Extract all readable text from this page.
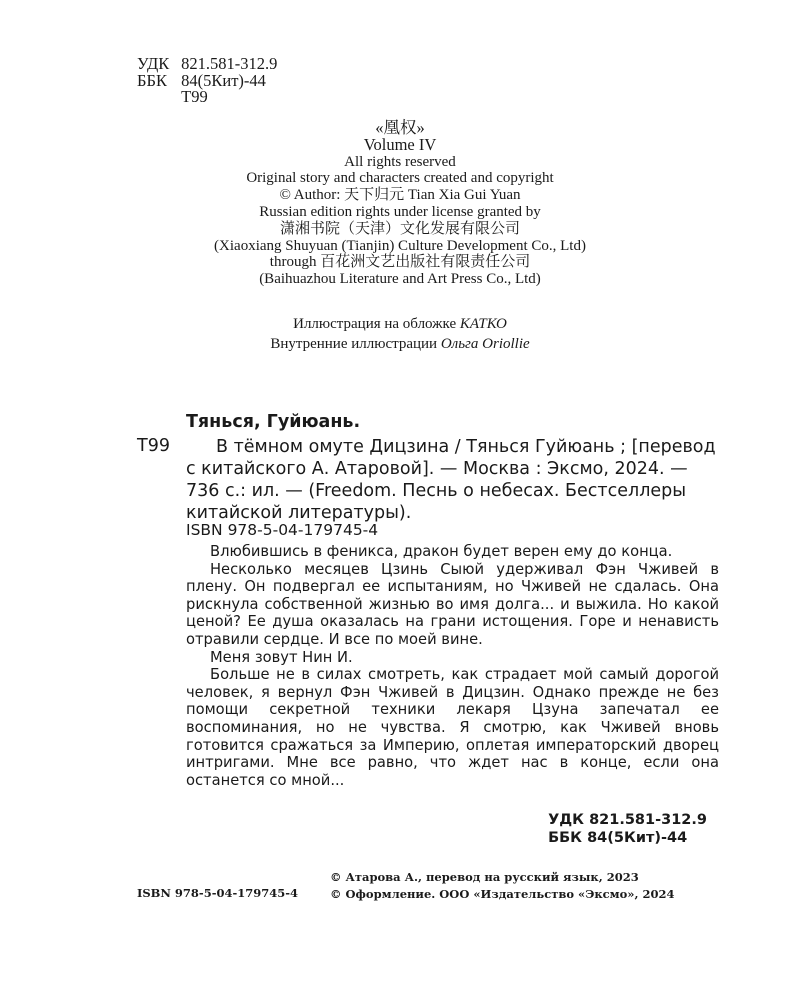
УДК 821.581-312.9
ББК 84(5Кит)-44
Т99
«凰权»
Volume IV
All rights reserved
Original story and characters created and copyright
© Author: 天下归元 Tian Xia Gui Yuan
Russian edition rights under license granted by
潇湘书院（天津）文化发展有限公司
(Xiaoxiang Shuyuan (Tianjin) Culture Development Co., Ltd)
through 百花洲文艺出版社有限责任公司
(Baihuazhou Literature and Art Press Co., Ltd)
Иллюстрация на обложке КАТКО
Внутренние иллюстрации Ольга Oriollie
Тянься, Гуйюань.
Т99	В тёмном омуте Дицзина / Тянься Гуйюань ; [перевод с китайского А. Атаровой]. — Москва : Эксмо, 2024. — 736 с.: ил. — (Freedom. Песнь о небесах. Бестселлеры китайской литературы).
ISBN 978-5-04-179745-4

Влюбившись в феникса, дракон будет верен ему до конца.

Несколько месяцев Цзинь Сыюй удерживал Фэн Чживей в плену. Он подвергал ее испытаниям, но Чживей не сдалась. Она рискнула собственной жизнью во имя долга... и выжила. Но какой ценой? Ее душа оказалась на грани истощения. Горе и ненависть отравили сердце. И все по моей вине.

Меня зовут Нин И.

Больше не в силах смотреть, как страдает мой самый дорогой человек, я вернул Фэн Чживей в Дицзин. Однако прежде не без помощи секретной техники лекаря Цзуна запечатал ее воспоминания, но не чувства. Я смотрю, как Чживей вновь готовится сражаться за Империю, оплетая императорский дворец интригами. Мне все равно, что ждет нас в конце, если она останется со мной...

УДК 821.581-312.9
ББК 84(5Кит)-44
© Атарова А., перевод на русский язык, 2023
© Оформление. ООО «Издательство «Эксмо», 2024
ISBN 978-5-04-179745-4
